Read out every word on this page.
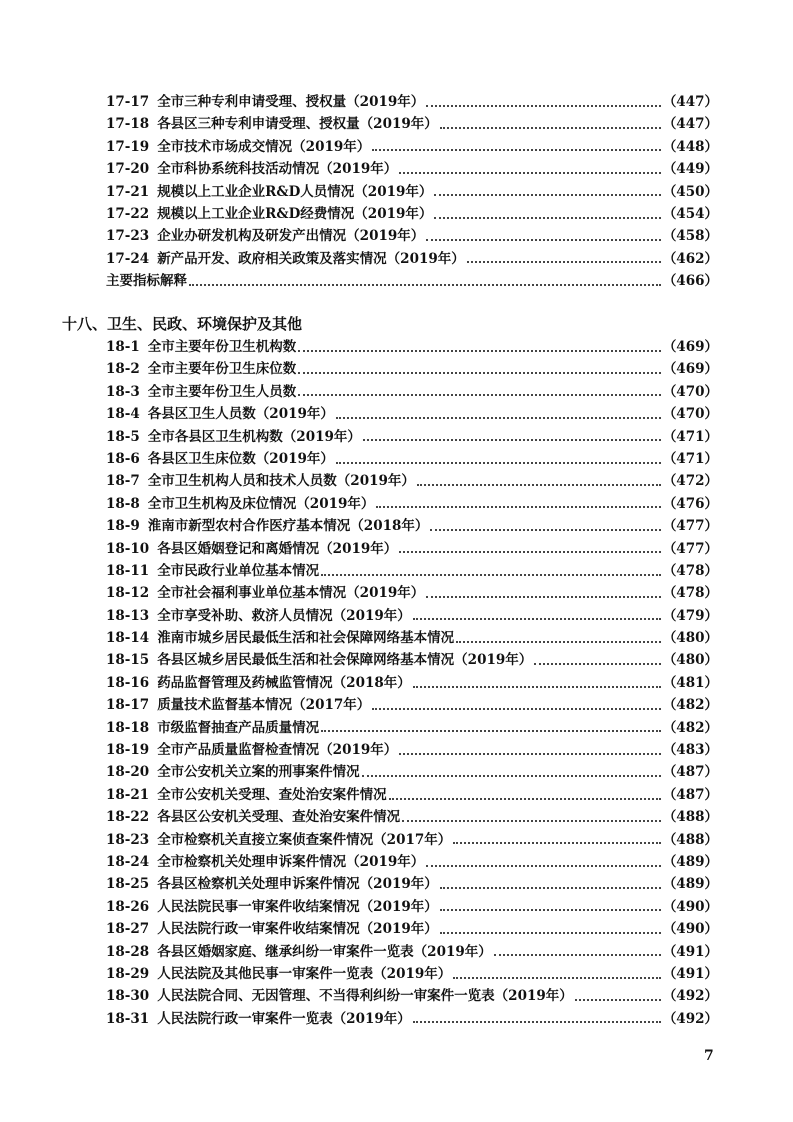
17-17 全市三种专利申请受理、授权量（2019年）	（447）
17-18 各县区三种专利申请受理、授权量（2019年）	（447）
17-19 全市技术市场成交情况（2019年）	（448）
17-20 全市科协系统科技活动情况（2019年）	（449）
17-21 规模以上工业企业R&D人员情况（2019年）	（450）
17-22 规模以上工业企业R&D经费情况（2019年）	（454）
17-23 企业办研发机构及研发产出情况（2019年）	（458）
17-24 新产品开发、政府相关政策及落实情况（2019年）	（462）
主要指标解释	（466）
十八、卫生、民政、环境保护及其他
18-1 全市主要年份卫生机构数	（469）
18-2 全市主要年份卫生床位数	（469）
18-3 全市主要年份卫生人员数	（470）
18-4 各县区卫生人员数（2019年）	（470）
18-5 全市各县区卫生机构数（2019年）	（471）
18-6 各县区卫生床位数（2019年）	（471）
18-7 全市卫生机构人员和技术人员数（2019年）	（472）
18-8 全市卫生机构及床位情况（2019年）	（476）
18-9 淮南市新型农村合作医疗基本情况（2018年）	（477）
18-10 各县区婚姻登记和离婚情况（2019年）	（477）
18-11 全市民政行业单位基本情况	（478）
18-12 全市社会福利事业单位基本情况（2019年）	（478）
18-13 全市享受补助、救济人员情况（2019年）	（479）
18-14 淮南市城乡居民最低生活和社会保障网络基本情况	（480）
18-15 各县区城乡居民最低生活和社会保障网络基本情况（2019年）	（480）
18-16 药品监督管理及药械监管情况（2018年）	（481）
18-17 质量技术监督基本情况（2017年）	（482）
18-18 市级监督抽查产品质量情况	（482）
18-19 全市产品质量监督检查情况（2019年）	（483）
18-20 全市公安机关立案的刑事案件情况	（487）
18-21 全市公安机关受理、查处治安案件情况	（487）
18-22 各县区公安机关受理、查处治安案件情况	（488）
18-23 全市检察机关直接立案侦查案件情况（2017年）	（488）
18-24 全市检察机关处理申诉案件情况（2019年）	（489）
18-25 各县区检察机关处理申诉案件情况（2019年）	（489）
18-26 人民法院民事一审案件收结案情况（2019年）	（490）
18-27 人民法院行政一审案件收结案情况（2019年）	（490）
18-28 各县区婚姻家庭、继承纠纷一审案件一览表（2019年）	（491）
18-29 人民法院及其他民事一审案件一览表（2019年）	（491）
18-30 人民法院合同、无因管理、不当得利纠纷一审案件一览表（2019年）	（492）
18-31 人民法院行政一审案件一览表（2019年）	（492）
7
